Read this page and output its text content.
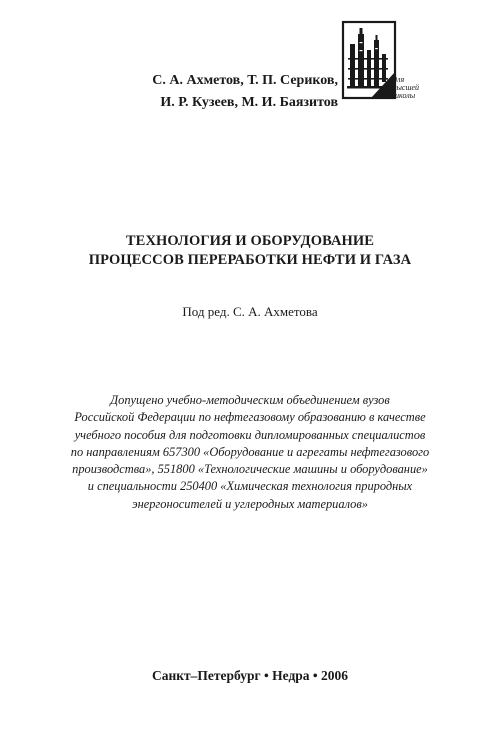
С. А. Ахметов, Т. П. Сериков,
И. Р. Кузеев, М. И. Баязитов
для
высшей
школы
ТЕХНОЛОГИЯ И ОБОРУДОВАНИЕ
ПРОЦЕССОВ ПЕРЕРАБОТКИ НЕФТИ И ГАЗА
Под ред. С. А. Ахметова
Допущено учебно-методическим объединением вузов
Российской Федерации по нефтегазовому образованию в качестве
учебного пособия для подготовки дипломированных специалистов
по направлениям 657300 «Оборудование и агрегаты нефтегазового
производства», 551800 «Технологические машины и оборудование»
и специальности 250400 «Химическая технология природных
энергоносителей и углеродных материалов»
Санкт–Петербург • Недра • 2006
